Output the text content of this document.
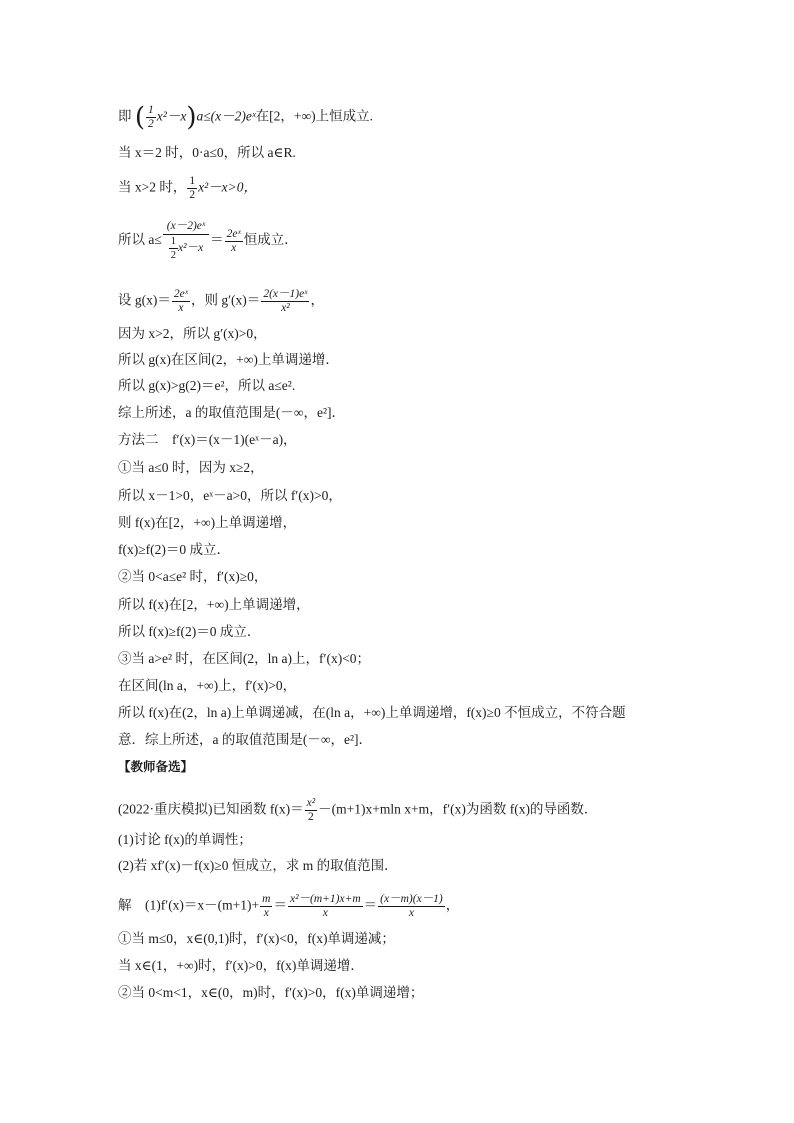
即 ( $\frac{1}{2}$ x²－x)a≤(x－2)eˣ在[2，+∞)上恒成立.
当 x＝2 时，0·a≤0，所以 a∈R.
当 x>2 时， $\frac{1}{2} x^2-x>0$，
所以 $a\le \frac{\text{(x－2)eˣ}}{\frac{1}{2} x^2-x} = \frac{\text{2eˣ}}{x}$ 恒成立．
设 $g(x)= \frac{\text{2eˣ}}{x}$ ，则 $g'(x)= \frac{\text{2(x－1)eˣ}}{\text{x²}}$ ，
因为 x>2，所以 g′(x)>0，
所以 g(x)在区间(2，+∞)上单调递增．
所以 g(x)>g(2)＝e²，所以 a≤e².
综上所述，a 的取值范围是(－∞，e²]．
方法二　f′(x)＝(x－1)(eˣ－a)，
①当 a≤0 时，因为 x≥2，
所以 x－1>0，eˣ－a>0，所以 f′(x)>0，
则 f(x)在[2，+∞)上单调递增，
f(x)≥f(2)＝0 成立．
②当 0<a≤e² 时，f′(x)≥0，
所以 f(x)在[2，+∞)上单调递增，
所以 f(x)≥f(2)＝0 成立．
③当 a>e² 时，在区间(2，ln a)上，f′(x)<0；
在区间(ln a，+∞)上，f′(x)>0，
所以 f(x)在(2，ln a)上单调递减，在(ln a，+∞)上单调递增，f(x)≥0 不恒成立，不符合题
意．综上所述，a 的取值范围是(－∞，e²]．
【教师备选】
(2022·重庆模拟)已知函数 $f(x)= \frac{\text{x²}}{2} -(m+1)x+mln$ x+m，f′(x)为函数 f(x)的导函数．
(1)讨论 f(x)的单调性；
(2)若 xf′(x)－f(x)≥0 恒成立，求 m 的取值范围．
解　$(1)f'(x)=x-(m+1)+ \frac{m}{x} = \frac{\text{x²－(m+1)x+m}}{x} = \frac{(x-m)(x-1)}{x}$ ，
①当 m≤0，x∈(0,1)时，f′(x)<0，f(x)单调递减；
当 x∈(1，+∞)时，f′(x)>0，f(x)单调递增．
②当 0<m<1，x∈(0，m)时，f′(x)>0，f(x)单调递增；
